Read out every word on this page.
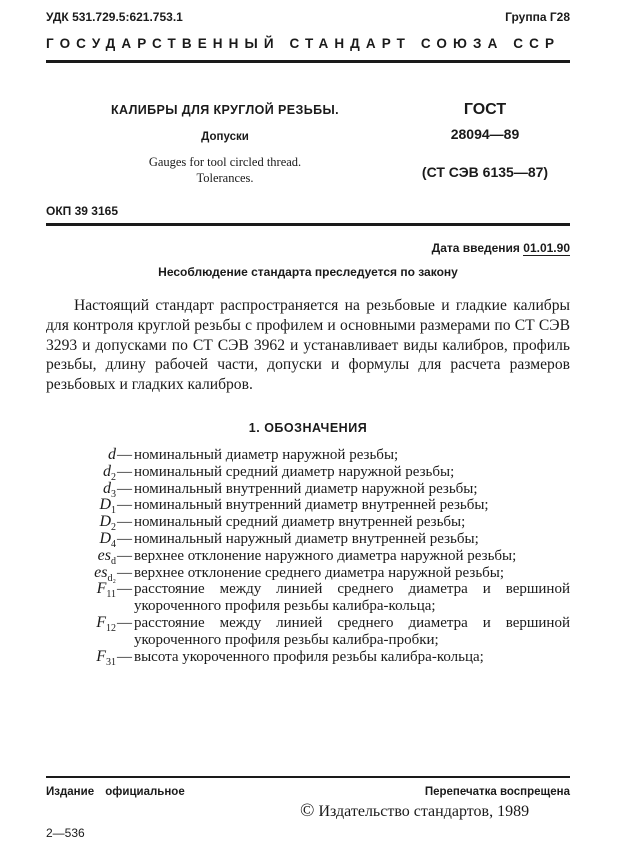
УДК 531.729.5:621.753.1	Группа Г28
ГОСУДАРСТВЕННЫЙ СТАНДАРТ СОЮЗА ССР
КАЛИБРЫ ДЛЯ КРУГЛОЙ РЕЗЬБЫ.
Допуски
Gauges for tool circled thread.
Tolerances.
ГОСТ
28094—89
(СТ СЭВ 6135—87)
ОКП 39 3165
Дата введения 01.01.90
Несоблюдение стандарта преследуется по закону

Настоящий стандарт распространяется на резьбовые и гладкие калибры для контроля круглой резьбы с профилем и основными размерами по СТ СЭВ 3293 и допусками по СТ СЭВ 3962 и устанавливает виды калибров, профиль резьбы, длину рабочей части, допуски и формулы для расчета размеров резьбовых и гладких калибров.

1. ОБОЗНАЧЕНИЯ
d — номинальный диаметр наружной резьбы;
$d_2$ — номинальный средний диаметр наружной резьбы;
$d_3$ — номинальный внутренний диаметр наружной резьбы;
$D_1$ — номинальный внутренний диаметр внутренней резьбы;
$D_2$ — номинальный средний диаметр внутренней резьбы;
$D_4$ — номинальный наружный диаметр внутренней резьбы;
$es_d$ — верхнее отклонение наружного диаметра наружной резьбы;
$es_{d_2}$ — верхнее отклонение среднего диаметра наружной резьбы;
$F_{11}$ — расстояние между линией среднего диаметра и вершиной укороченного профиля резьбы калибра-кольца;
$F_{12}$ — расстояние между линией среднего диаметра и вершиной укороченного профиля резьбы калибра-пробки;
$F_{31}$ — высота укороченного профиля резьбы калибра-кольца;
Издание официальное	Перепечатка воспрещена
© Издательство стандартов, 1989
2—536
